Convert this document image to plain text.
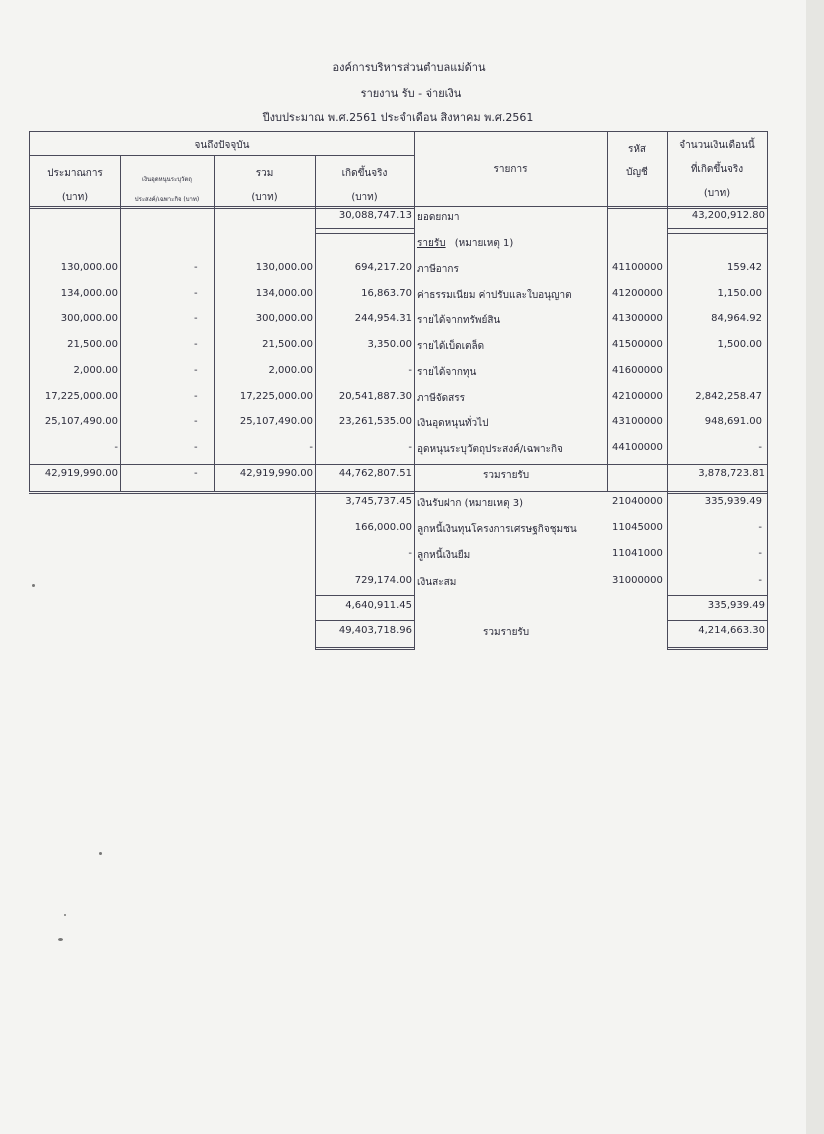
องค์การบริหารส่วนตำบลแม่ด้าน
รายงาน รับ - จ่ายเงิน
ปีงบประมาณ พ.ศ.2561 ประจำเดือน สิงหาคม พ.ศ.2561
จนถึงปัจจุบัน
ประมาณการ
(บาท)
เงินอุดหนุนระบุวัตถุ
ประสงค์/เฉพาะกิจ (บาท)
รวม
(บาท)
เกิดขึ้นจริง
(บาท)
รายการ
รหัส
บัญชี
จำนวนเงินเดือนนี้
ที่เกิดขึ้นจริง
(บาท)
30,088,747.13 ยอดยกมา	43,200,912.80
รายรับ (หมายเหตุ 1)
130,000.00	-	130,000.00	694,217.20 ภาษีอากร	41100000	159.42
134,000.00	-	134,000.00	16,863.70 ค่าธรรมเนียม ค่าปรับและใบอนุญาต	41200000	1,150.00
300,000.00	-	300,000.00	244,954.31 รายได้จากทรัพย์สิน	41300000	84,964.92
21,500.00	-	21,500.00	3,350.00 รายได้เบ็ดเตล็ด	41500000	1,500.00
2,000.00	-	2,000.00	- รายได้จากทุน	41600000
17,225,000.00	-	17,225,000.00	20,541,887.30 ภาษีจัดสรร	42100000	2,842,258.47
25,107,490.00	-	25,107,490.00	23,261,535.00 เงินอุดหนุนทั่วไป	43100000	948,691.00
-	-	-	- อุดหนุนระบุวัตถุประสงค์/เฉพาะกิจ	44100000	-
42,919,990.00	-	42,919,990.00	44,762,807.51	รวมรายรับ	3,878,723.81
3,745,737.45 เงินรับฝาก (หมายเหตุ 3)	21040000	335,939.49
166,000.00 ลูกหนี้เงินทุนโครงการเศรษฐกิจชุมชน	11045000	-
- ลูกหนี้เงินยืม	11041000	-
729,174.00 เงินสะสม	31000000	-
4,640,911.45	335,939.49
49,403,718.96	รวมรายรับ	4,214,663.30
